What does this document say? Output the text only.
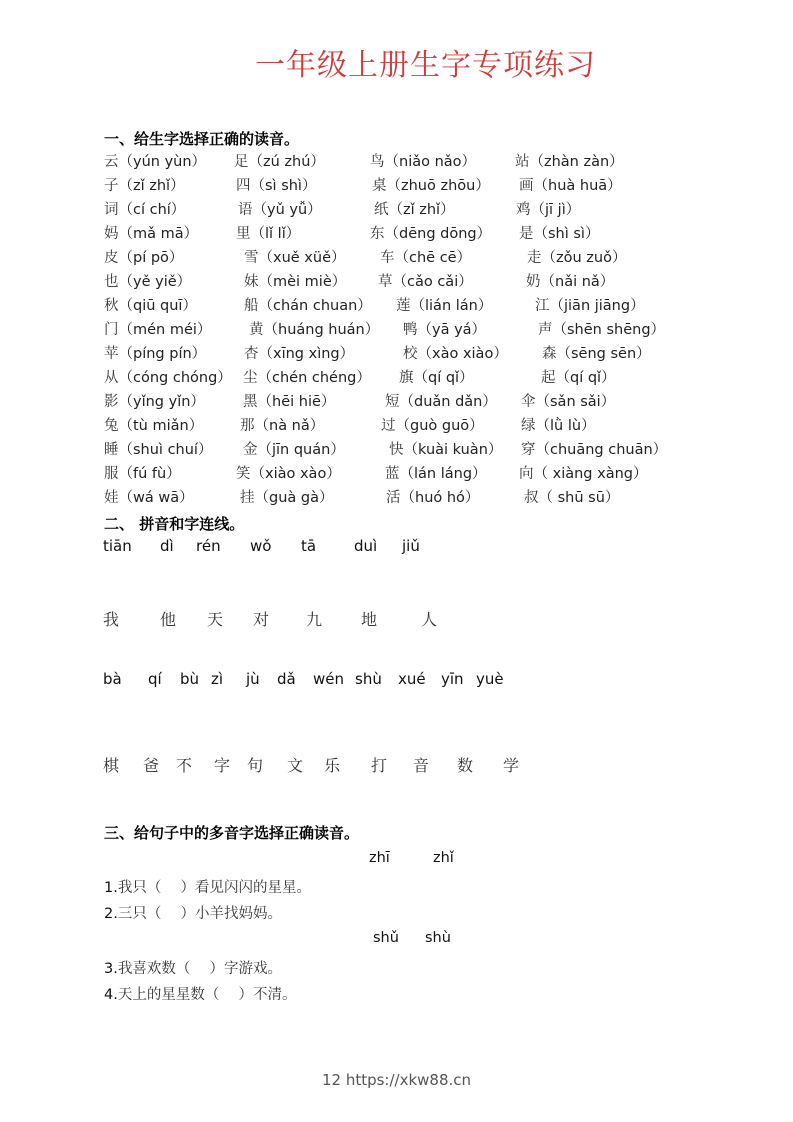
一年级上册生字专项练习
一、给生字选择正确的读音。
云（yún yùn） 足（zú zhú）	鸟（niǎo nǎo）	站（zhàn zàn）
子（zǐ zhǐ）	四（sì shì）	桌（zhuō zhōu） 画（huà huā）
词（cí chí）	语（yǔ yǚ）	纸（zǐ zhǐ）	鸡（jī jì）
妈（mǎ mā）	里（lǐ lǐ）	东（dēng dōng） 是（shì sì）
皮（pí pō）	雪（xuě xüě） 车（chē cē）	走（zǒu zuǒ）
也（yě yiě）	妹（mèi miè） 草（cǎo cǎi）	奶（nǎi nǎ）
秋（qiū quī）	船（chán chuan） 莲（lián lán）	江（jiān jiāng）
门（mén méi）	黄（huáng huán） 鸭（yā yá）	声（shēn shēng）
苹（píng pín）	杏（xīng xìng）	校（xào xiào） 森（sēng sēn）
从（cóng chóng） 尘（chén chéng） 旗（qí qǐ）	起（qí qǐ）
影（yǐng yǐn）	黑（hēi hiē）	短（duǎn dǎn） 伞（sǎn sǎi）
兔（tù miǎn）	那（nà nǎ）	过（guò guō）	绿（lǜ lù）
睡（shuì chuí） 金（jīn quán）	快（kuài kuàn） 穿（chuāng chuān）
服（fú fù）	笑（xiào xào）	蓝（lán láng） 向（ xiàng xàng）
娃（wá wā）	挂（guà gà）	活（huó hó）	叔（ shū sū）
二、 拼音和字连线。
tiān dì rén wǒ tā	duì jiǔ
我	他 天 对 九 地	人
bà qí bù zì jù dǎ wén shù xué yīn yuè
棋 爸 不 字 句 文 乐 打 音 数 学
三、给句子中的多音字选择正确读音。
zhī	zhǐ
1.我只（　 ）看见闪闪的星星。
2.三只（　 ）小羊找妈妈。
shǔ shù
3.我喜欢数（　 ）字游戏。
4.天上的星星数（　 ）不清。
12 https://xkw88.cn
